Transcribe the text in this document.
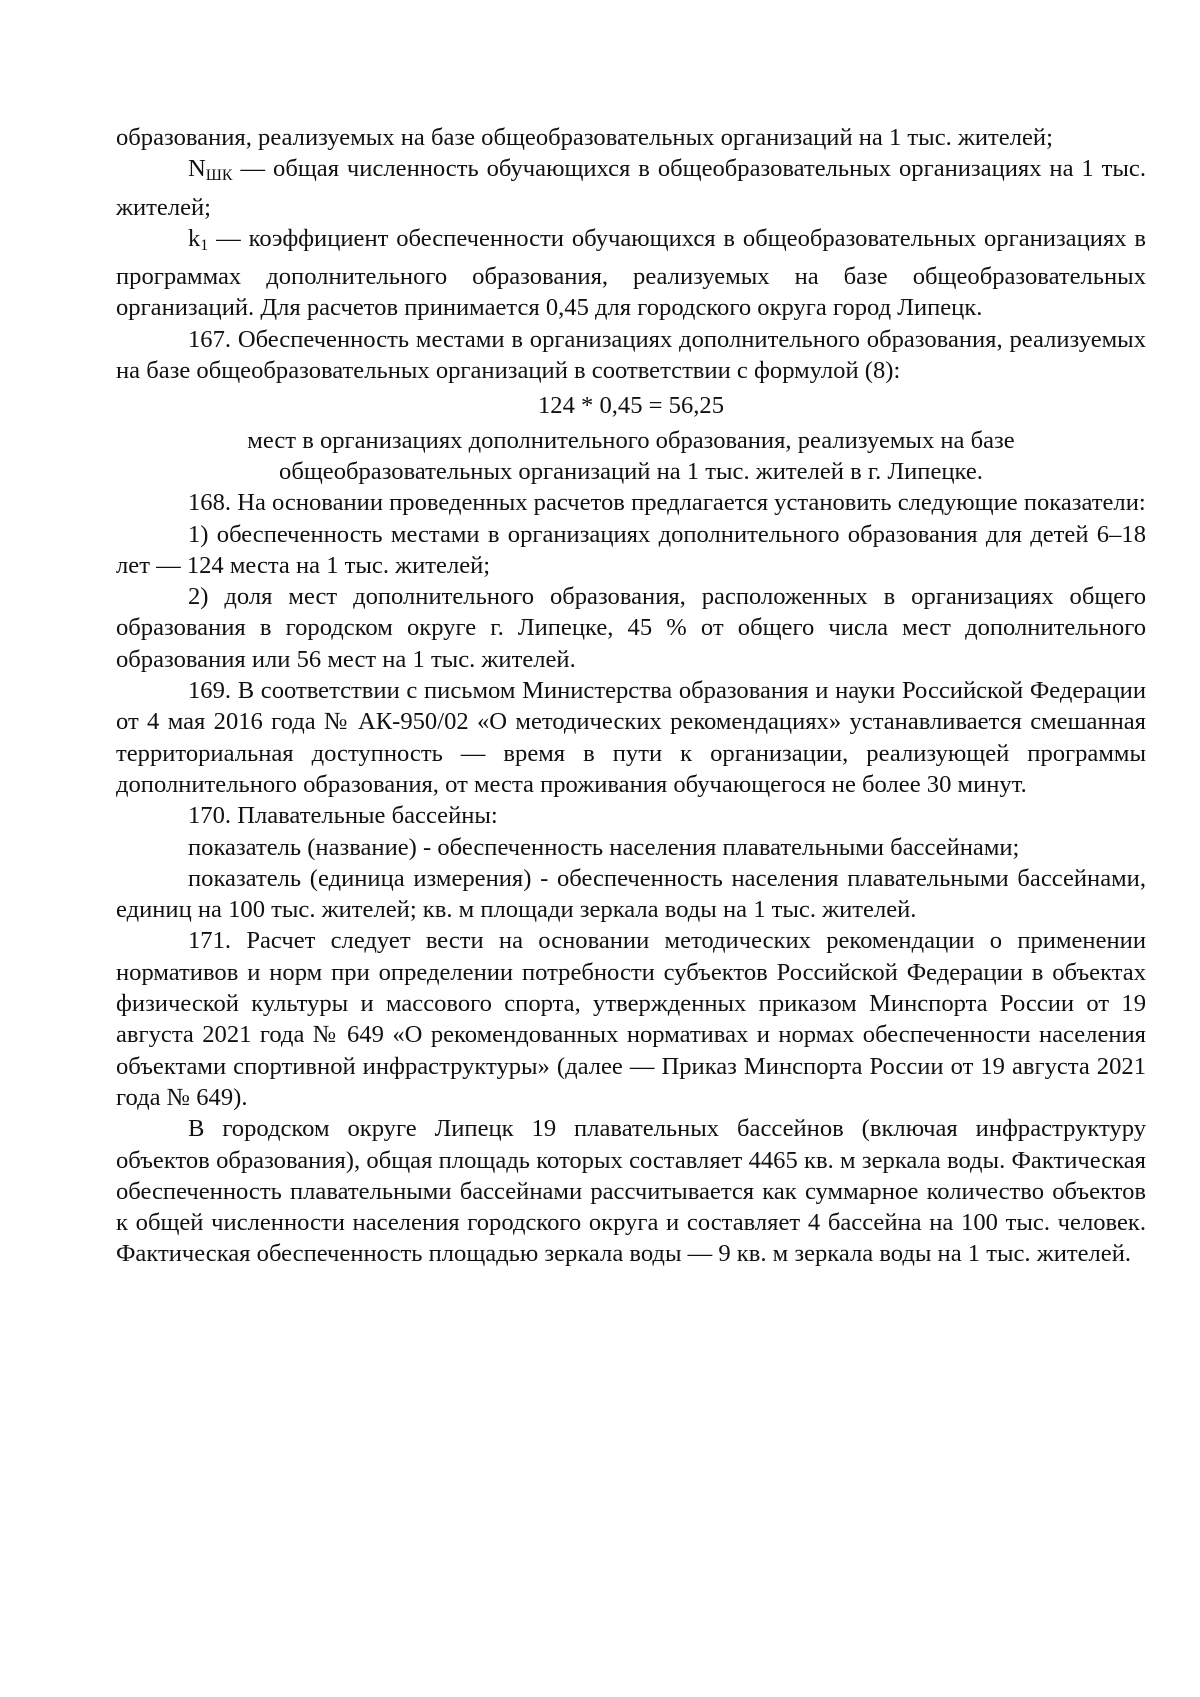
образования, реализуемых на базе общеобразовательных организаций на 1 тыс. жителей;

$N_{ШК}$ — общая численность обучающихся в общеобразовательных организациях на 1 тыс. жителей;

$k_1$ — коэффициент обеспеченности обучающихся в общеобразовательных организациях в программах дополнительного образования, реализуемых на базе общеобразовательных организаций. Для расчетов принимается 0,45 для городского округа город Липецк.

167. Обеспеченность местами в организациях дополнительного образования, реализуемых на базе общеобразовательных организаций в соответствии с формулой (8):

124 * 0,45 = 56,25

мест в организациях дополнительного образования, реализуемых на базе

общеобразовательных организаций на 1 тыс. жителей в г. Липецке.

168. На основании проведенных расчетов предлагается установить следующие показатели:

1) обеспеченность местами в организациях дополнительного образования для детей 6–18 лет — 124 места на 1 тыс. жителей;

2) доля мест дополнительного образования, расположенных в организациях общего образования в городском округе г. Липецке, 45 % от общего числа мест дополнительного образования или 56 мест на 1 тыс. жителей.

169. В соответствии с письмом Министерства образования и науки Российской Федерации от 4 мая 2016 года № АК-950/02 «О методических рекомендациях» устанавливается смешанная территориальная доступность — время в пути к организации, реализующей программы дополнительного образования, от места проживания обучающегося не более 30 минут.

170. Плавательные бассейны:

показатель (название) - обеспеченность населения плавательными бассейнами;

показатель (единица измерения) - обеспеченность населения плавательными бассейнами, единиц на 100 тыс. жителей; кв. м площади зеркала воды на 1 тыс. жителей.

171. Расчет следует вести на основании методических рекомендации о применении нормативов и норм при определении потребности субъектов Российской Федерации в объектах физической культуры и массового спорта, утвержденных приказом Минспорта России от 19 августа 2021 года № 649 «О рекомендованных нормативах и нормах обеспеченности населения объектами спортивной инфраструктуры» (далее — Приказ Минспорта России от 19 августа 2021 года № 649).

В городском округе Липецк 19 плавательных бассейнов (включая инфраструктуру объектов образования), общая площадь которых составляет 4465 кв. м зеркала воды. Фактическая обеспеченность плавательными бассейнами рассчитывается как суммарное количество объектов к общей численности населения городского округа и составляет 4 бассейна на 100 тыс. человек. Фактическая обеспеченность площадью зеркала воды — 9 кв. м зеркала воды на 1 тыс. жителей.
